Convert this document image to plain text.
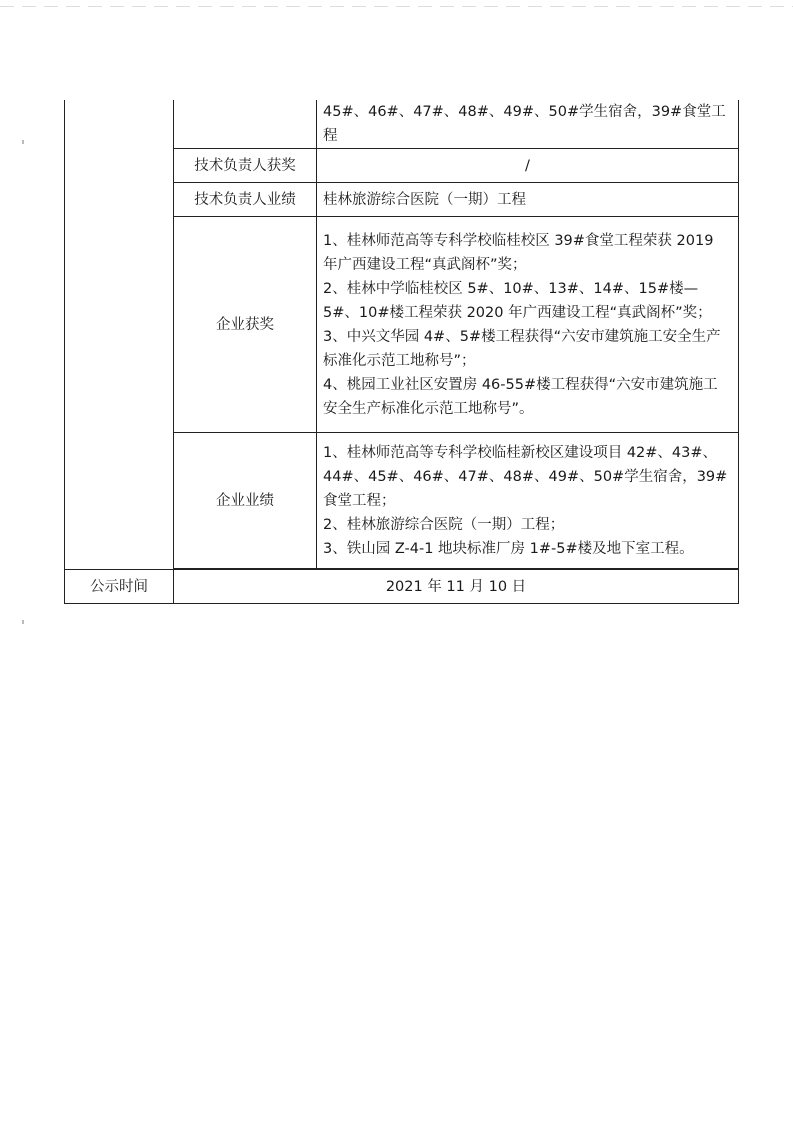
		45#、46#、47#、48#、49#、50#学生宿舍，39#食堂工程
	技术负责人获奖	/
	技术负责人业绩	桂林旅游综合医院（一期）工程
	企业获奖	1、桂林师范高等专科学校临桂校区 39#食堂工程荣获 2019 年广西建设工程“真武阁杯”奖；

2、桂林中学临桂校区 5#、10#、13#、14#、15#楼—5#、10#楼工程荣获 2020 年广西建设工程“真武阁杯”奖；

3、中兴文华园 4#、5#楼工程获得“六安市建筑施工安全生产标准化示范工地称号”；

4、桃园工业社区安置房 46-55#楼工程获得“六安市建筑施工安全生产标准化示范工地称号”。

	企业业绩	1、桂林师范高等专科学校临桂新校区建设项目 42#、43#、44#、45#、46#、47#、48#、49#、50#学生宿舍，39#食堂工程；

2、桂林旅游综合医院（一期）工程；

3、铁山园 Z-4-1 地块标准厂房 1#-5#楼及地下室工程。

公示时间	2021 年 11 月 10 日	
